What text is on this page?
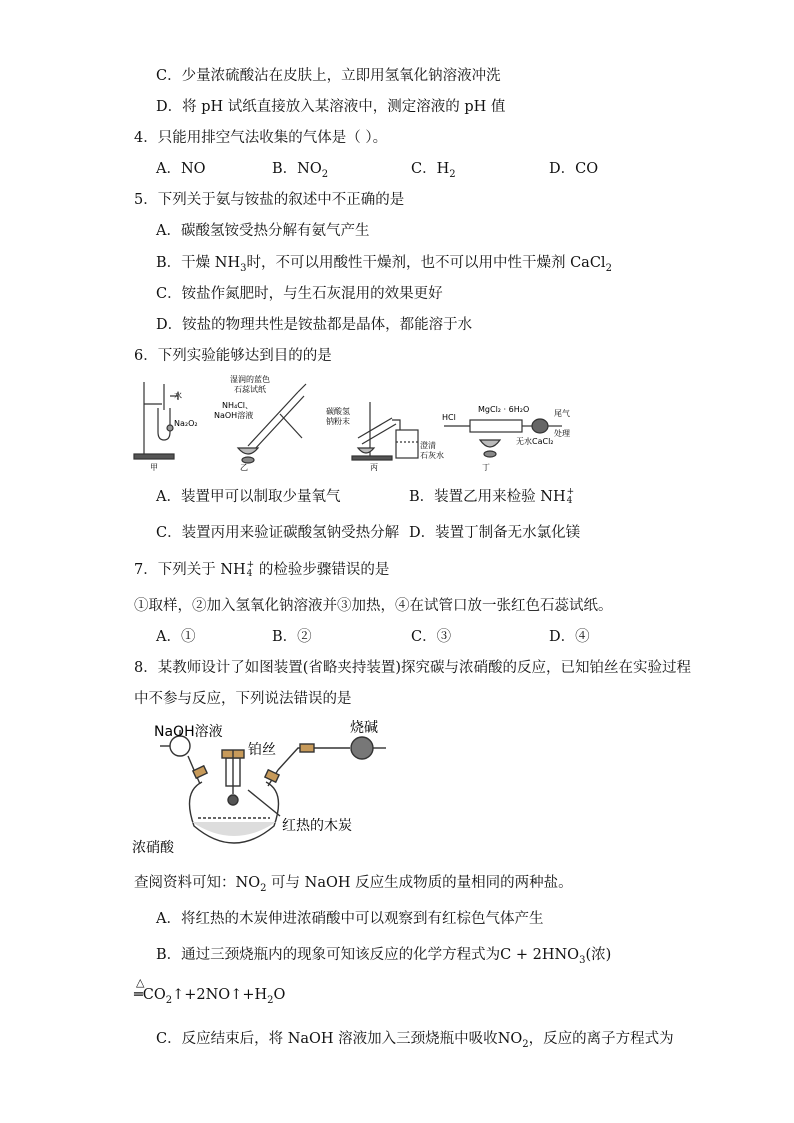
C．少量浓硫酸沾在皮肤上，立即用氢氧化钠溶液冲洗
D．将 pH 试纸直接放入某溶液中，测定溶液的 pH 值
4．只能用排空气法收集的气体是（ ）。
A．NO	B．$NO_2$	C．$H_2$	D．CO
5．下列关于氨与铵盐的叙述中不正确的是
A．碳酸氢铵受热分解有氨气产生
B．干燥 $NH_3$时，不可以用酸性干燥剂，也不可以用中性干燥剂 CaCl$_2$
C．铵盐作氮肥时，与生石灰混用的效果更好
D．铵盐的物理共性是铵盐都是晶体，都能溶于水
6．下列实验能够达到目的的是
水
Na₂O₂
甲
湿润的蓝色
石蕊试纸
NH₄Cl、
NaOH溶液
乙
碳酸氢
钠粉末
澄清
石灰水
丙
HCl
MgCl₂ · 6H₂O
无水CaCl₂
尾气
处理
丁
A．装置甲可以制取少量氧气	B．装置乙用来检验 NH +
4
C．装置丙用来验证碳酸氢钠受热分解 D．装置丁制备无水氯化镁
7．下列关于 NH +
4 的检验步骤错误的是
①取样，②加入氢氧化钠溶液并③加热，④在试管口放一张红色石蕊试纸。
A．①	B．②	C．③	D．④
8．某教师设计了如图装置(省略夹持装置)探究碳与浓硝酸的反应，已知铂丝在实验过程
中不参与反应，下列说法错误的是
NaOH溶液
铂丝
烧碱
红热的木炭
浓硝酸
查阅资料可知：$NO_2$ 可与 NaOH 反应生成物质的量相同的两种盐。
A．将红热的木炭伸进浓硝酸中可以观察到有红棕色气体产生
B．通过三颈烧瓶内的现象可知该反应的化学方程式为$C + 2HNO_3$(浓)
△
$═CO_2↑+2NO↑+H_2O$
C．反应结束后，将 NaOH 溶液加入三颈烧瓶中吸收$NO_2$，反应的离子方程式为
